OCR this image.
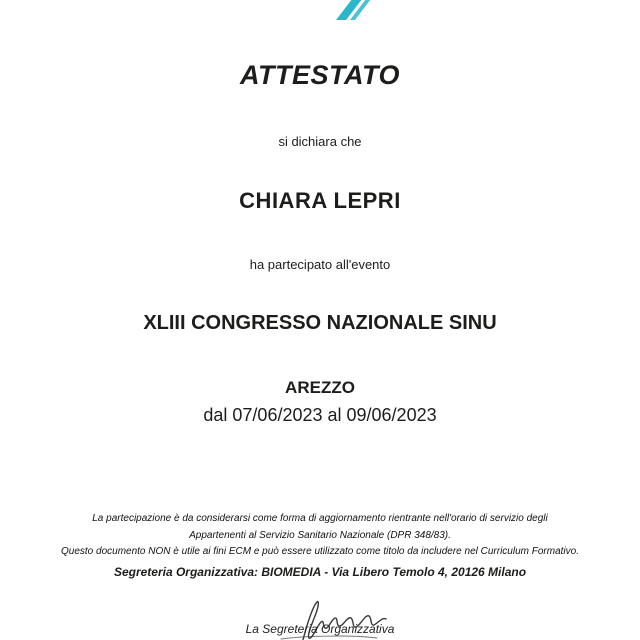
ATTESTATO
si dichiara che
CHIARA LEPRI
ha partecipato all'evento
XLIII CONGRESSO NAZIONALE SINU
AREZZO
dal 07/06/2023 al 09/06/2023
La partecipazione è da considerarsi come forma di aggiornamento rientrante nell'orario di servizio degli
Appartenenti al Servizio Sanitario Nazionale (DPR 348/83).
Questo documento NON è utile ai fini ECM e può essere utilizzato come titolo da includere nel Curriculum Formativo.
Segreteria Organizzativa: BIOMEDIA - Via Libero Temolo 4, 20126 Milano
La Segreteria Organizzativa
